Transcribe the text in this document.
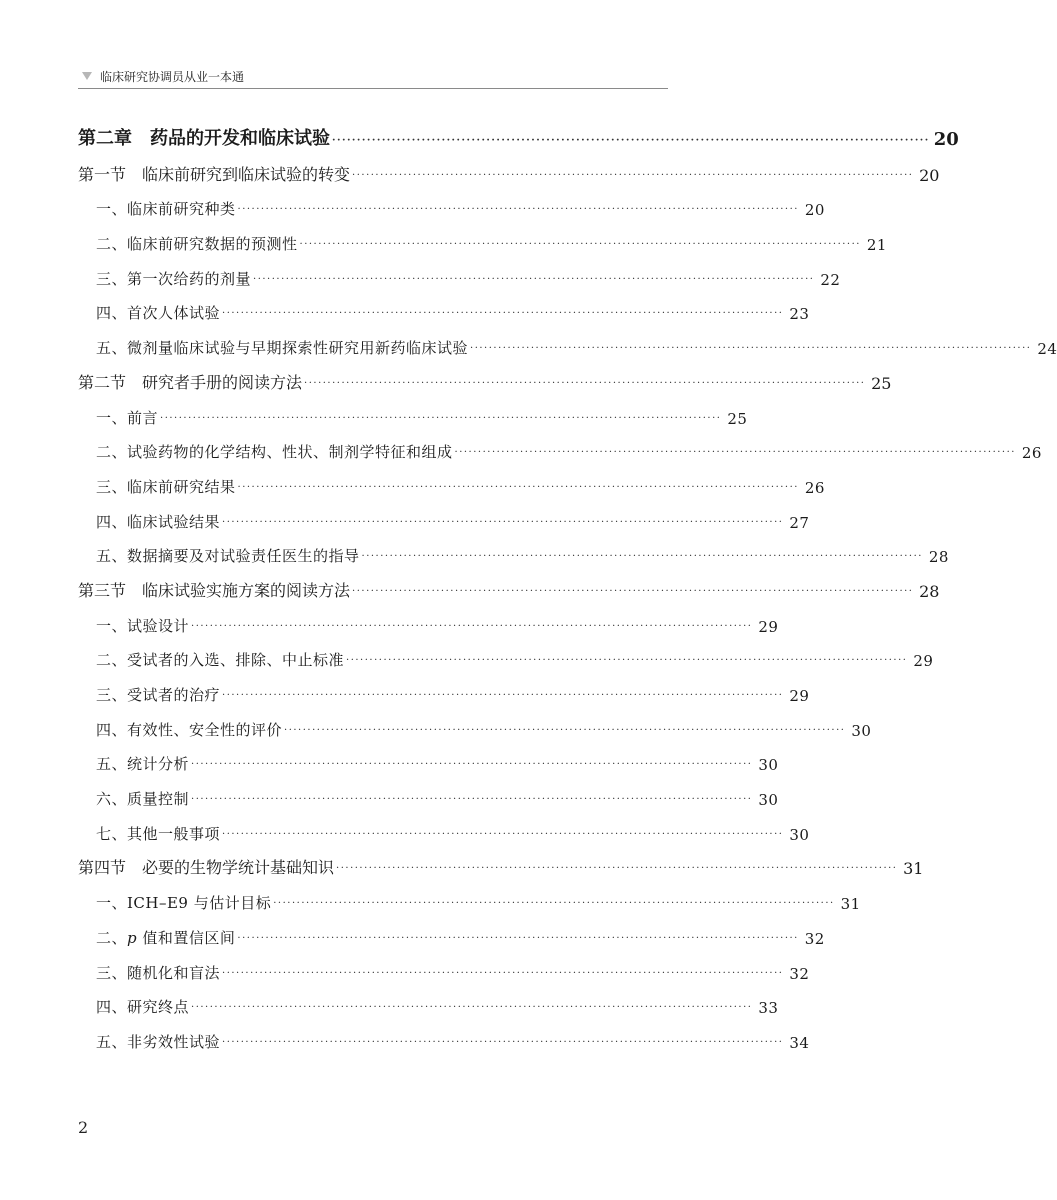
临床研究协调员从业一本通
第二章 药品的开发和临床试验 ························································································································ 20
第一节 临床前研究到临床试验的转变 ························································································································ 20
一、临床前研究种类 ························································································································ 20
二、临床前研究数据的预测性 ························································································································ 21
三、第一次给药的剂量 ························································································································ 22
四、首次人体试验 ························································································································ 23
五、微剂量临床试验与早期探索性研究用新药临床试验 ························································································································ 24
第二节 研究者手册的阅读方法 ························································································································ 25
一、前言 ························································································································ 25
二、试验药物的化学结构、性状、制剂学特征和组成 ························································································································ 26
三、临床前研究结果 ························································································································ 26
四、临床试验结果 ························································································································ 27
五、数据摘要及对试验责任医生的指导 ························································································································ 28
第三节 临床试验实施方案的阅读方法 ························································································································ 28
一、试验设计 ························································································································ 29
二、受试者的入选、排除、中止标准 ························································································································ 29
三、受试者的治疗 ························································································································ 29
四、有效性、安全性的评价 ························································································································ 30
五、统计分析 ························································································································ 30
六、质量控制 ························································································································ 30
七、其他一般事项 ························································································································ 30
第四节 必要的生物学统计基础知识 ························································································································ 31
一、ICH–E9 与估计目标 ························································································································ 31
二、p 值和置信区间 ························································································································ 32
三、随机化和盲法 ························································································································ 32
四、研究终点 ························································································································ 33
五、非劣效性试验 ························································································································ 34
2
